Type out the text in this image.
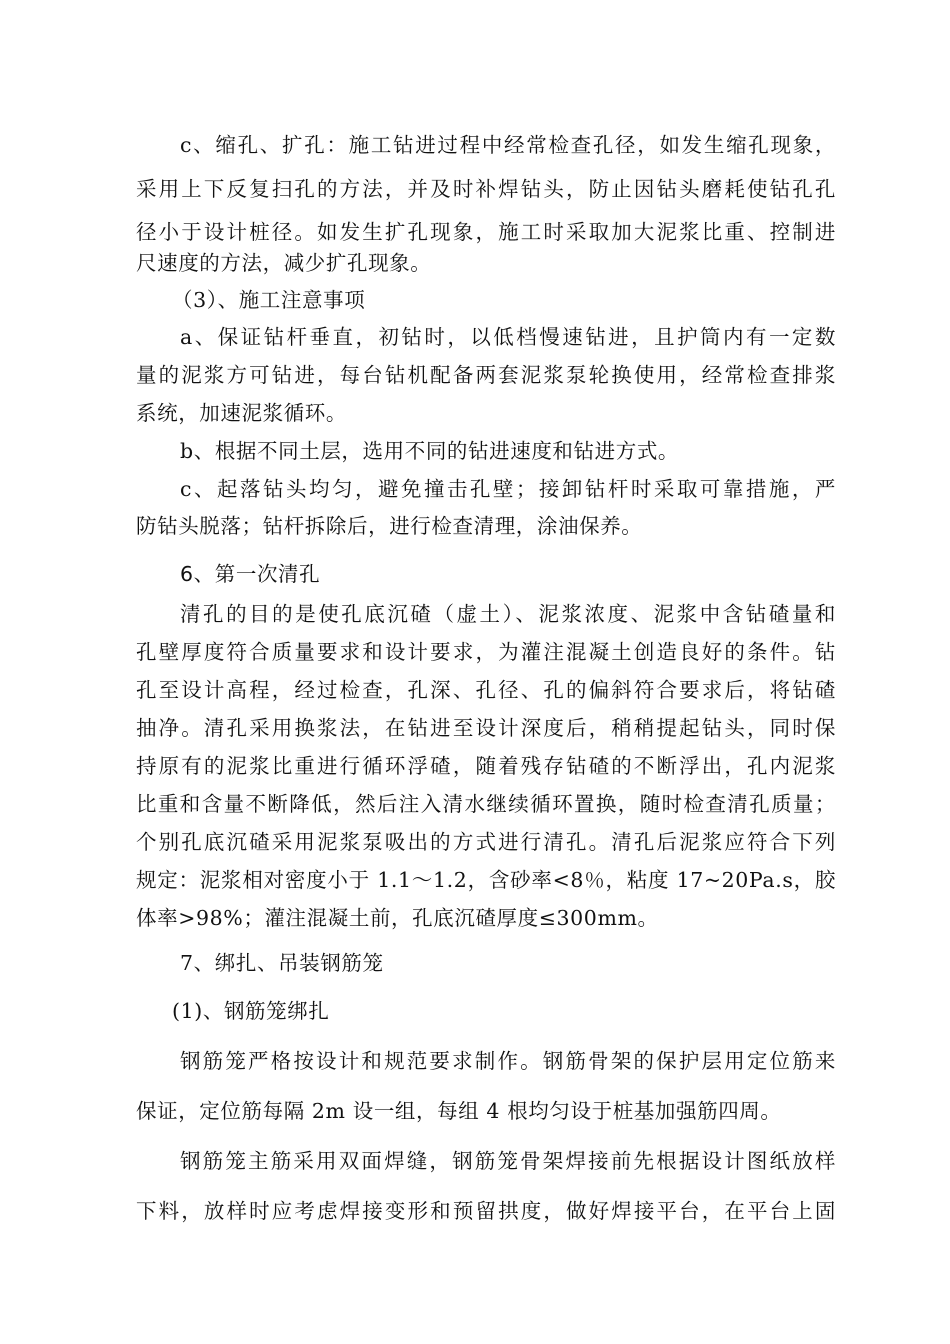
c、缩孔、扩孔：施工钻进过程中经常检查孔径，如发生缩孔现象，
采用上下反复扫孔的方法，并及时补焊钻头，防止因钻头磨耗使钻孔孔
径小于设计桩径。如发生扩孔现象，施工时采取加大泥浆比重、控制进
尺速度的方法，减少扩孔现象。
（3）、施工注意事项
a、保证钻杆垂直，初钻时，以低档慢速钻进，且护筒内有一定数
量的泥浆方可钻进，每台钻机配备两套泥浆泵轮换使用，经常检查排浆
系统，加速泥浆循环。
b、根据不同土层，选用不同的钻进速度和钻进方式。
c、起落钻头均匀，避免撞击孔壁；接卸钻杆时采取可靠措施，严
防钻头脱落；钻杆拆除后，进行检查清理，涂油保养。
6、第一次清孔
清孔的目的是使孔底沉碴（虚土）、泥浆浓度、泥浆中含钻碴量和
孔壁厚度符合质量要求和设计要求，为灌注混凝土创造良好的条件。钻
孔至设计高程，经过检查，孔深、孔径、孔的偏斜符合要求后，将钻碴
抽净。清孔采用换浆法，在钻进至设计深度后，稍稍提起钻头，同时保
持原有的泥浆比重进行循环浮碴，随着残存钻碴的不断浮出，孔内泥浆
比重和含量不断降低，然后注入清水继续循环置换，随时检查清孔质量；
个别孔底沉碴采用泥浆泵吸出的方式进行清孔。清孔后泥浆应符合下列
规定：泥浆相对密度小于 1.1～1.2，含砂率<8％，粘度 17~20Pa.s，胶
体率>98%；灌注混凝土前，孔底沉碴厚度≤300mm。
7、绑扎、吊装钢筋笼
(1)、钢筋笼绑扎
钢筋笼严格按设计和规范要求制作。钢筋骨架的保护层用定位筋来
保证，定位筋每隔 2m 设一组，每组 4 根均匀设于桩基加强筋四周。
钢筋笼主筋采用双面焊缝，钢筋笼骨架焊接前先根据设计图纸放样
下料，放样时应考虑焊接变形和预留拱度，做好焊接平台，在平台上固
